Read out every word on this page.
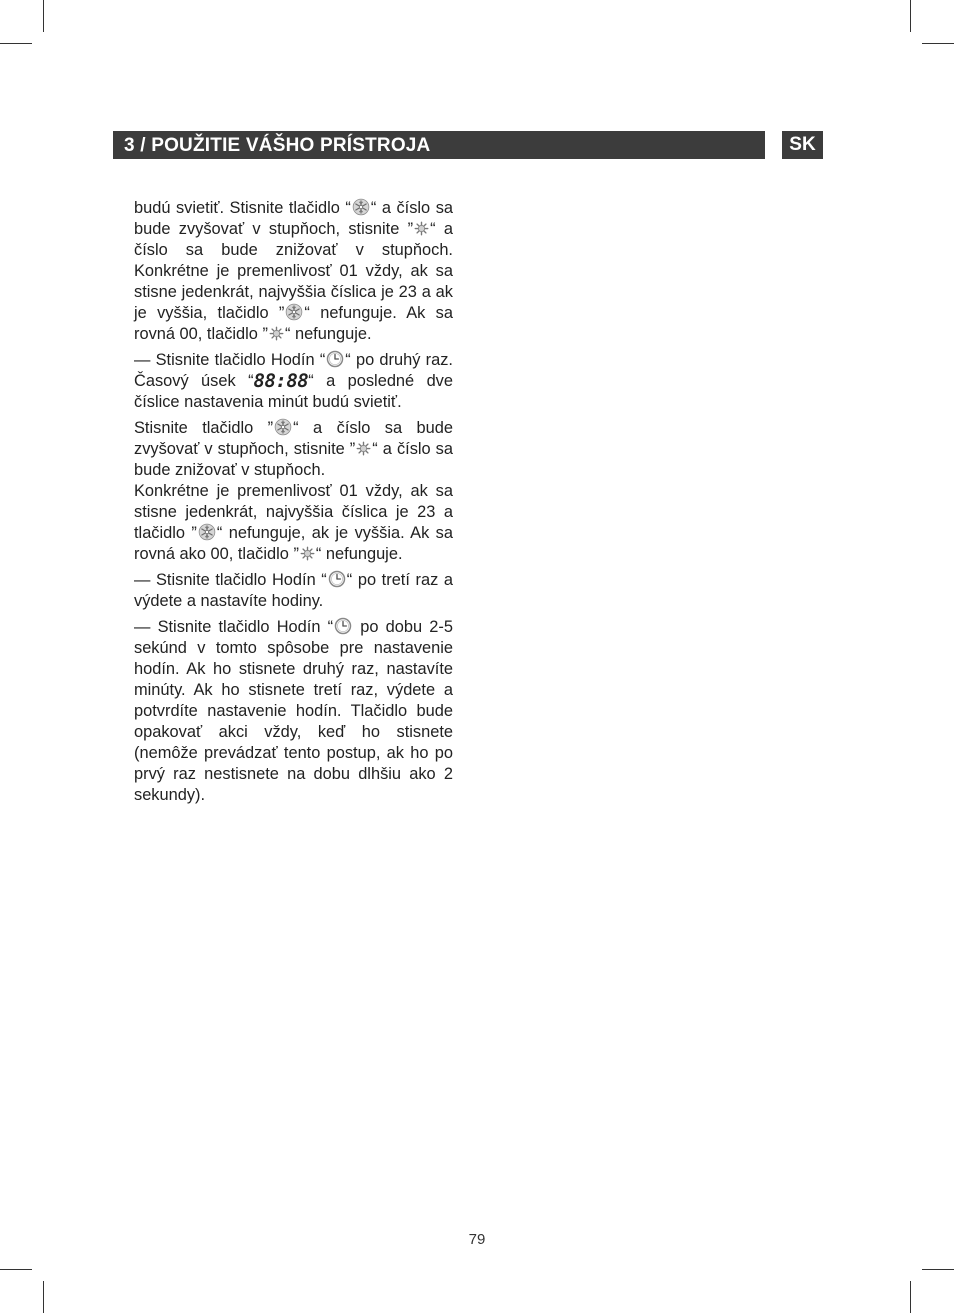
3 / POUŽITIE VÁŠHO PRÍSTROJA	SK

budú svietiť. Stisnite tlačidlo “ “ a číslo sa bude zvyšovať v stupňoch, stisnite ” “ a číslo sa bude znižovať v stupňoch. Konkrétne je premenlivosť 01 vždy, ak sa stisne jedenkrát, najvyššia číslica je 23 a ak je vyššia, tlačidlo ” “ nefunguje. Ak sa rovná 00, tlačidlo ” “ nefunguje.

— Stisnite tlačidlo Hodín “ “ po druhý raz. Časový úsek “88:88“ a posledné dve číslice nastavenia minút budú svietiť.

Stisnite tlačidlo ” “ a číslo sa bude zvyšovať v stupňoch, stisnite ” “ a číslo sa bude znižovať v stupňoch.

Konkrétne je premenlivosť 01 vždy, ak sa stisne jedenkrát, najvyššia číslica je 23 a tlačidlo ” “ nefunguje, ak je vyššia. Ak sa rovná ako 00, tlačidlo ” “ nefunguje.

— Stisnite tlačidlo Hodín “ “ po tretí raz a výdete a nastavíte hodiny.

— Stisnite tlačidlo Hodín “
po dobu 2-5 sekúnd v tomto spôsobe pre nastavenie hodín. Ak ho stisnete druhý raz, nastavíte minúty. Ak ho stisnete tretí raz, výdete a potvrdíte nastavenie hodín. Tlačidlo bude opakovať akci vždy, keď ho stisnete (nemôže prevádzať tento postup, ak ho po prvý raz nestisnete na dobu dlhšiu ako 2 sekundy).

79
